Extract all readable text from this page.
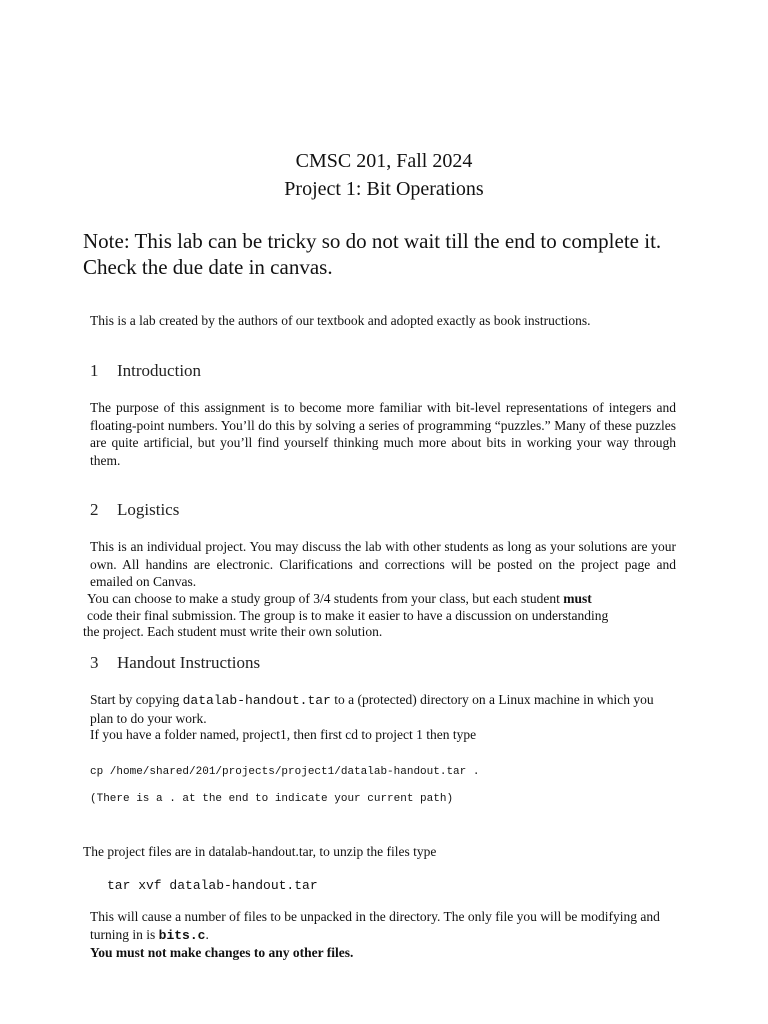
CMSC 201, Fall 2024
Project 1: Bit Operations
Note: This lab can be tricky so do not wait till the end to complete it.
Check the due date in canvas.
This is a lab created by the authors of our textbook and adopted exactly as book instructions.
1 Introduction
The purpose of this assignment is to become more familiar with bit-level representations of integers and floating-point numbers. You’ll do this by solving a series of programming “puzzles.” Many of these puzzles are quite artificial, but you’ll find yourself thinking much more about bits in working your way through them.
2 Logistics
This is an individual project. You may discuss the lab with other students as long as your solutions are your own. All handins are electronic. Clarifications and corrections will be posted on the project page and emailed on Canvas.
You can choose to make a study group of 3/4 students from your class, but each student must
code their final submission. The group is to make it easier to have a discussion on understanding
the project. Each student must write their own solution.
3 Handout Instructions
Start by copying datalab-handout.tar to a (protected) directory on a Linux machine in which you
plan to do your work.
If you have a folder named, project1, then first cd to project 1 then type
cp /home/shared/201/projects/project1/datalab-handout.tar .
(There is a . at the end to indicate your current path)
The project files are in datalab-handout.tar, to unzip the files type
tar xvf datalab-handout.tar
This will cause a number of files to be unpacked in the directory. The only file you will be modifying and
turning in is bits.c.
You must not make changes to any other files.
